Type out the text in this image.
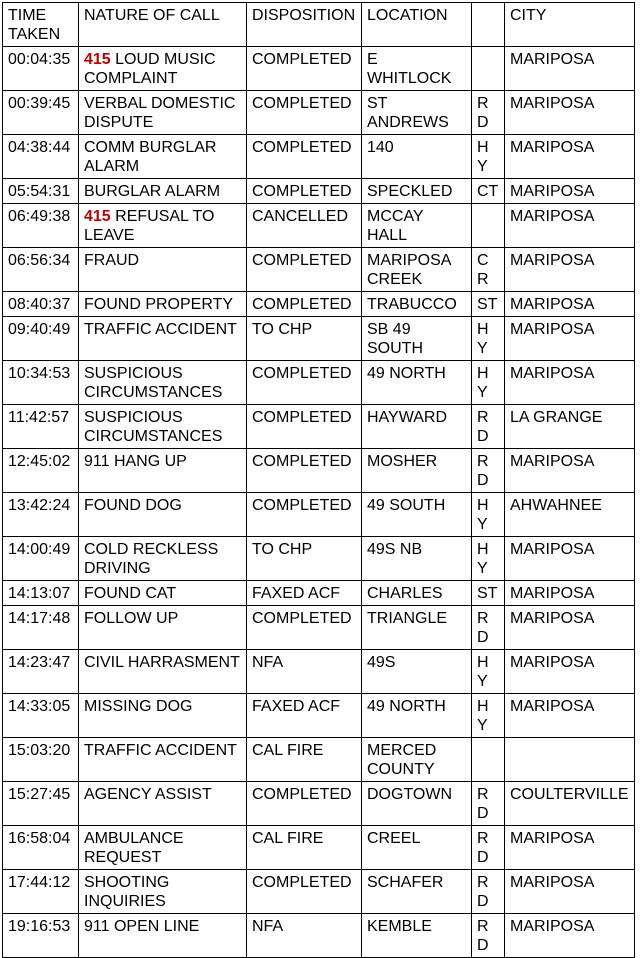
TIME TAKEN	NATURE OF CALL	DISPOSITION	LOCATION		CITY
00:04:35	415 LOUD MUSIC COMPLAINT	COMPLETED	E WHITLOCK		MARIPOSA
00:39:45	VERBAL DOMESTIC DISPUTE	COMPLETED	ST ANDREWS	RD	MARIPOSA
04:38:44	COMM BURGLAR ALARM	COMPLETED	140	HY	MARIPOSA
05:54:31	BURGLAR ALARM	COMPLETED	SPECKLED	CT	MARIPOSA
06:49:38	415 REFUSAL TO LEAVE	CANCELLED	MCCAY HALL		MARIPOSA
06:56:34	FRAUD	COMPLETED	MARIPOSA CREEK	CR	MARIPOSA
08:40:37	FOUND PROPERTY	COMPLETED	TRABUCCO	ST	MARIPOSA
09:40:49	TRAFFIC ACCIDENT	TO CHP	SB 49 SOUTH	HY	MARIPOSA
10:34:53	SUSPICIOUS CIRCUMSTANCES	COMPLETED	49 NORTH	HY	MARIPOSA
11:42:57	SUSPICIOUS CIRCUMSTANCES	COMPLETED	HAYWARD	RD	LA GRANGE
12:45:02	911 HANG UP	COMPLETED	MOSHER	RD	MARIPOSA
13:42:24	FOUND DOG	COMPLETED	49 SOUTH	HY	AHWAHNEE
14:00:49	COLD RECKLESS DRIVING	TO CHP	49S NB	HY	MARIPOSA
14:13:07	FOUND CAT	FAXED ACF	CHARLES	ST	MARIPOSA
14:17:48	FOLLOW UP	COMPLETED	TRIANGLE	RD	MARIPOSA
14:23:47	CIVIL HARRASMENT	NFA	49S	HY	MARIPOSA
14:33:05	MISSING DOG	FAXED ACF	49 NORTH	HY	MARIPOSA
15:03:20	TRAFFIC ACCIDENT	CAL FIRE	MERCED COUNTY		
15:27:45	AGENCY ASSIST	COMPLETED	DOGTOWN	RD	COULTERVILLE
16:58:04	AMBULANCE REQUEST	CAL FIRE	CREEL	RD	MARIPOSA
17:44:12	SHOOTING INQUIRIES	COMPLETED	SCHAFER	RD	MARIPOSA
19:16:53	911 OPEN LINE	NFA	KEMBLE	RD	MARIPOSA
